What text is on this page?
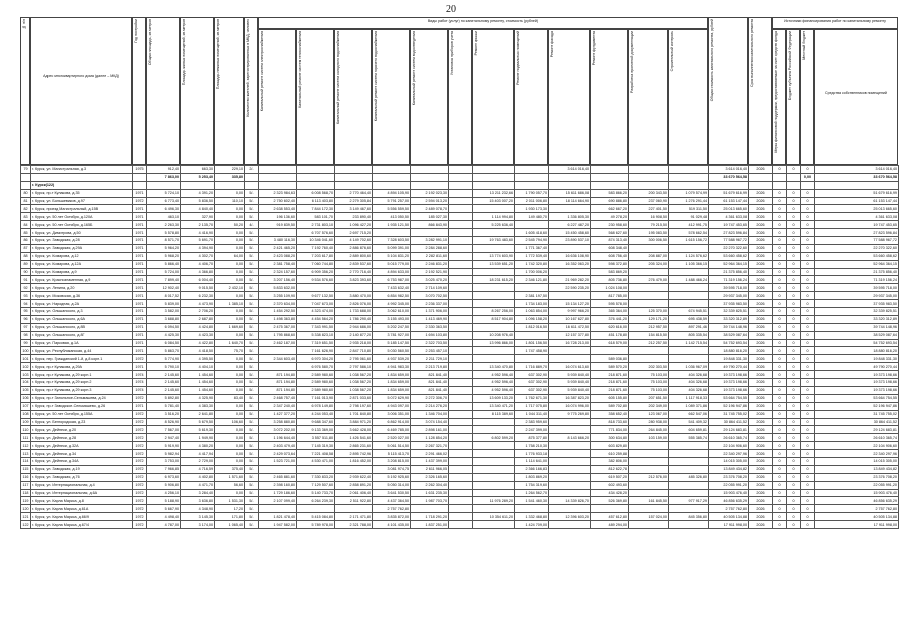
20
№ п/п
Адрес многоквартирного дома (далее – МКД)
Год постройки	Общая площадь, кв.метров	Площадь жилых помещений, кв.метров	Площадь нежилых помещений, кв.метров	Количество жителей, зарегистрированных в МКД, человек	Виды работ (услуг) по капитальному ремонту, стоимость (рублей)
Капитальный ремонт систем электроснабжения	Капитальный ремонт систем теплоснабжения	Капитальный ремонт систем холодного водоснабжения	Капитальный ремонт систем горячего водоснабжения	Капитальный ремонт систем водоотведения	Установка приборов учета	Ремонт крыши	Ремонт подвальных помещений	Ремонт фасада	Ремонт фундамента	Разработка проектной документации	Строительный контроль	Общая стоимость капитального ремонта, рублей	Срок выполнения капитального ремонта	Источники финансирования работ по капитальному ремонту
Меры финансовой поддержки, предоставляемые за счет средств фонда	Бюджет субъекта Российской Федерации	Местный бюджет
Средства собственников помещений
79	г. Курск, ул. Магистральная, д.3	1975	912,40	663,30	229,10	2/-									3 614 016,40				3 614 016,40	2026	0	0	0	3 614 016,40
			7 863,00	5 253,40	335,80														33 670 564,58				0,00	33 670 564,58
	г. Курск(122)																							
80	г. Курск, пр-т Кулакова, д.35	1971	5 724,10	4 391,20	0,00	5/-	2 323 984,63	6 008 568,70	2 770 464,40	4 894 105,90	2 192 023,30		13 211 232,66	1 790 057,70	15 611 686,08	583 866,20	200 343,50	1 079 574,99	51 679 616,99	2026	0	0	0	51 679 616,99
81	г. Курск, ул. Большевиков, д.97	1972	6 773,40	5 836,50	110,10	5/-	2 750 602,40	6 113 403,80	2 279 305,84	5 791 257,00	2 594 013,20		15 403 007,20	2 011 006,80	18 114 664,90	690 886,80	237 060,90	1 276 291,44	61 153 147,44	2026	0	0	0	61 153 147,44
82	г. Курск, проезд Магистральный, д.15В	1971	6 496,30	4 840,40	0,00	5/-	2 638 553,40	7 844 172,30	3 149 467,60	5 556 559,50	2 489 078,70			1 930 173,30		662 667,20	227 401,50	519 311,50	25 013 665,60	2026	0	0	0	25 013 665,60
83	г. Курск, ул. 50 лет Октября, д.120А	1971	463,10	327,90	0,00	5/-	196 136,60	583 101,70	233 890,40	413 050,50	185 027,30		1 114 994,80	149 480,70	1 336 805,30	49 278,20	16 908,50	91 029,48	4 361 633,08	2026	0	0	0	4 361 633,08
84	г. Курск, ул. 50 лет Октября, д.165Б	1971	2 263,30	2 135,70	50,20	4/-	919 839,50	2 731 803,10	1 096 427,20	1 935 121,50	866 843,90		5 225 636,40		6 227 487,20	230 958,60	79 215,50	412 991,75	19 747 453,65	2026	0	0	0	19 747 453,65
85	г. Курск, ул. Димитрова, д.50	1971	5 578,80	4 416,90	0,00	5/-		6 707 576,60	2 697 715,20					1 605 418,60	15 450 458,60	568 627,60	195 083,50	578 662,54	27 823 596,84	2026	0	0	0	27 823 596,84
86	г. Курск, ул. Заводская, д.28	1971	8 571,70	5 691,70	0,00	5/-	3 480 116,30	10 346 041,60	4 149 702,60	7 328 603,50	3 282 991,10		19 763 483,60	2 545 794,90	23 890 537,10	874 313,40	300 006,50	1 615 156,72	77 588 967,72	2026	0	0	0	77 588 967,72
87	г. Курск, ул. Заводская, д.29А	1971	5 964,20	4 394,90	0,00	5/-	2 421 465,20	7 192 760,40	2 886 876,60	5 099 391,00	2 284 288,60			1 771 367,40		608 348,40			22 270 322,60	2026	0	0	0	22 270 322,60
88	г. Курск, ул. Комарова, д.12	1971	5 968,20	4 302,70	64,00	5/-	2 423 088,20	7 203 617,80	2 889 800,60	5 104 831,20	2 282 811,60		13 774 603,90	1 772 539,40	16 636 108,90	608 756,40	208 887,00	1 124 576,62	53 660 458,62	2026	0	0	0	53 660 458,62
89	г. Курск, ул. Комарова, д.12А	1971	5 866,40	4 406,70	0,00	5/-	2 381 758,40	7 060 744,80	2 839 537,60	5 015 779,00	2 246 831,20		13 539 651,20	1 742 320,80	16 352 063,20	598 372,80	205 324,00	1 105 366,15	52 964 364,15	2026	0	0	0	52 964 364,15
90	г. Курск, ул. Комарова, д.9	1971	5 724,00	4 366,80	0,00	5/-	2 324 157,60	6 909 356,20	2 770 716,40	4 894 633,00	2 192 521,90			1 700 006,20		583 869,20			21 375 856,40	2026	0	0	0	21 375 856,40
91	г. Курск, ул. Краснознаменная, д.9	1971	7 899,40	6 004,40	0,00	5/-	3 207 156,40	9 534 576,60	3 823 393,60	6 753 987,00	3 025 470,20		18 231 615,20	2 346 121,80	21 969 282,20	805 736,80	276 479,00	1 488 466,24	71 319 156,24	2026	0	0	0	71 319 156,24
92	г. Курск, ул. Ленина, д.20	1971	12 902,40	9 015,50	2 432,10	5/-	5 833 632,00			7 433 632,40	2 714 109,60				22 590 235,20	1 024 108,00			39 595 718,00	2026	0	0	0	39 595 718,00
93	г. Курск, ул. Моковская, д.36	1971	8 017,52	6 232,30	0,00	5/-	3 255 109,90	9 677 132,50	3 880 470,00	6 854 982,50	3 070 702,50			2 381 197,50		817 785,00			29 937 345,00	2026	0	0	0	29 937 345,00
94	г. Курск, ул. Народная, д.2А	1971	5 839,00	4 473,90	1 385,10	5/-	2 370 634,00	7 047 673,00	2 826 076,00	4 992 345,00	2 236 337,00			1 734 183,00	15 134 127,20	595 578,00			37 935 983,50	2026	0	0	0	37 935 983,50
95	г. Курск, ул. Ольшанского, д.3	1971	3 582,00	2 706,20	0,00	5/-	1 454 292,50	4 323 474,00	1 733 688,00	3 062 610,00	1 371 906,00		8 267 256,00	1 063 854,00	9 997 966,20	365 364,00	125 370,00	674 945,51	32 339 825,51	2026	0	0	0	32 339 825,51
96	г. Курск, ул. Ольшанского, д.6А	1971	3 688,80	2 687,80	0,00	5/-	1 498 363,80	4 454 564,20	1 786 290,40	3 155 493,00	1 413 469,90		8 517 904,80	1 096 158,20	10 167 627,80	376 441,20	129 171,20	695 438,59	33 320 312,89	2026	0	0	0	33 320 312,89
97	г. Курск, ул. Ольшанского, д.8В	1971	6 094,50	4 424,80	1 669,60	5/-	2 475 367,00	7 343 991,50	2 944 686,00	5 202 247,50	2 330 363,50			1 812 016,50	16 611 472,50	620 616,00	212 957,50	897 291,46	39 744 148,96	2026	0	0	0	39 744 148,96
98	г. Курск, ул. Ольшанского, д.8Г	1971	4 425,30	4 423,30	0,00	5/-	1 795 868,60	5 338 823,10	2 140 877,20	3 781 927,00	1 694 103,80		10 208 976,40		12 157 377,80	451 178,80	154 815,50	805 335,54	38 529 087,64	2026	0	0	0	38 529 087,64
99	г. Курск, ул. Парковая, д.1А	1971	6 084,50	4 422,80	1 640,70	5/-	2 462 187,00	7 319 651,50	2 935 218,00	5 185 147,50	2 322 703,50		13 996 866,00	1 801 156,50	16 728 213,00	618 579,00	212 257,50	1 142 715,54	54 752 693,54	2026	0	0	0	54 752 693,54
100	г. Курск, ул. Республиканская, д.44	1971	5 863,70	4 418,50	75,70	5/-		7 161 626,90	2 847 710,80	5 030 560,50	2 253 457,10			1 747 458,90					18 880 816,20	2026	0	0	0	18 880 816,20
101	г. Курск, пер. Гражданский 1-й, д.8 корп.1	1972	5 774,90	4 395,50	0,00	5/-	2 344 603,40	6 970 304,20	2 795 061,60	4 937 539,20	2 211 729,10					589 036,80			19 848 331,30	2026	0	0	0	19 848 331,30
102	г. Курск, пр-т Кулакова, д.29А	1971	5 790,10	4 404,10	0,00	5/-		6 976 580,70	2 797 586,10	4 941 983,30	2 213 719,80		13 340 470,80	1 716 889,70	16 074 613,60	589 570,20	202 303,50	1 036 967,09	49 790 270,44	2026	0	0	0	49 790 270,44
103	г. Курск, пр-т Кулакова, д.29 корп.1	1974	2 145,60	1 454,60	0,00	5/-	871 194,80	2 589 980,60	1 038 567,20	1 834 659,00	821 841,40		4 952 596,40	637 302,90	5 939 840,40	218 871,60	75 103,00	404 326,68	19 373 198,66	2026	0	0	0	19 373 198,66
104	г. Курск, пр-т Кулакова, д.29 корп.2	1974	2 145,60	1 454,60	0,00	5/-	871 194,80	2 589 980,60	1 038 567,20	1 834 659,00	821 841,40		4 952 596,40	637 302,90	5 939 840,40	218 871,60	75 103,00	404 326,68	19 373 198,66	2026	0	0	0	19 373 198,66
105	г. Курск, пр-т Кулакова, д.29 корп.3	1974	2 145,60	1 454,60	0,00	5/-	871 194,80	2 589 980,60	1 038 567,20	1 834 659,00	821 841,40		4 952 596,40	637 302,90	5 939 840,40	218 871,60	75 103,00	404 326,68	19 373 198,66	2026	0	0	0	19 373 198,66
106	г. Курск, пр-т Запольное-Сельмашева, д.24	1972	5 892,80	4 325,90	83,40	5/-	2 468 757,40	7 161 013,90	2 871 033,60	5 072 629,90	2 272 306,70		13 609 133,20	1 762 671,30	16 387 823,20	605 155,80	207 651,50	1 117 918,33	53 664 754,55	2026	0	0	0	53 664 754,55
107	г. Курск, пр-т Заводское-Сельмашево, д.26	1971	5 781,40	4 383,30	0,00	5/-	2 347 240,40	6 978 149,80	2 798 197,60	4 943 097,00	2 214 276,20		13 340 471,20	1 717 075,80	16 074 996,00	589 702,80	202 349,00	1 089 371,86	52 196 947,86	2026	0	0	0	52 196 947,86
108	г. Курск, ул. 50 лет Октября, д.155А	1972	3 516,20	2 641,80	0,00	5/-	1 427 377,20	4 244 053,40	1 701 840,80	3 006 351,00	1 346 704,00		8 115 389,60	1 044 311,40	9 775 269,80	358 652,40	123 067,00	662 547,06	31 745 755,02	2026	0	0	0	31 745 755,02
109	г. Курск, ул. Белгородская, д.23	1972	8 526,90	5 679,50	106,60	5/-	3 258 880,80	9 688 347,60	3 884 971,20	6 862 914,00	3 074 154,40			2 383 959,60		818 733,60	280 938,00	541 409,32	30 864 411,52	2026	0	0	0	30 864 411,52
110	г. Курск, ул. Дейнеки, д.20	1972	7 567,00	5 619,30	0,00	5/-	3 072 202,00	9 133 369,00	3 662 428,00	6 469 785,00	2 898 161,00			2 247 399,00		771 834,00	264 845,00	604 659,81	29 124 683,81	2026	0	0	0	29 124 683,81
111	г. Курск, ул. Дейнеки, д.28	1972	2 947,40	1 949,90	0,00	5/-	1 196 644,40	3 557 511,80	1 426 541,60	2 520 027,00	1 128 854,20		6 802 599,20	875 377,80	8 143 666,20	300 634,80	103 159,00	555 385,74	26 610 365,74	2026	0	0	0	26 610 365,74
112	г. Курск, ул. Дейнеки, д.32А	1972	5 919,90	4 380,20	0,00	5/-	2 403 479,40	7 145 319,30	2 865 231,60	5 061 514,50	2 267 321,70			1 758 210,30		603 829,80			22 104 906,60	2026	0	0	0	22 104 906,60
113	г. Курск, ул. Дейнеки, д.34	1972	5 982,94	4 417,94	0,00	5/-	2 429 073,64	7 221 408,58	2 895 742,96	5 115 413,70	2 291 466,02			1 776 933,18		610 259,88			22 340 297,96	2026	0	0	0	22 340 297,96
114	г. Курск, ул. Дейнеки, д.34А	1972	3 753,00	2 729,00	0,00	5/-	1 523 721,00	4 530 471,00	1 816 452,00	3 208 815,00	1 437 399,00			1 114 641,00		382 806,00			14 015 305,00	2026	0	0	0	14 015 305,00
115	г. Курск, ул. Заводская, д.19	1972	7 966,85	4 716,59	375,40	5/-				3 081 974,75	2 611 966,05			2 366 166,83		812 622,78			13 849 434,82	2026	0	0	0	13 849 434,82
116	г. Курск, ул. Заводская, д.76	1972	6 973,60	4 402,80	1 571,60	5/-	2 465 881,60	7 330 833,20	2 939 622,40	5 192 925,60	2 326 165,60			1 803 869,20		619 507,20	212 576,00	485 326,80	23 376 708,20	2026	0	0	0	23 376 708,20
117	г. Курск, ул. Интернациональная, д.4	1972	5 906,80	4 471,70	56,60	5/-	2 398 160,80	7 129 507,60	2 858 891,20	5 050 314,00	2 262 304,40			1 754 319,60		602 493,60			22 055 991,20	2026	0	0	0	22 055 991,20
118	г. Курск, ул. Интернациональная, д.6А	1972	4 256,10	3 284,40	0,00	5/-	1 729 186,60	5 140 733,70	2 061 406,40	3 641 530,50	1 631 235,30			1 264 562,70		434 428,20			15 903 476,40	2026	0	0	0	15 903 476,40
119	г. Курск, ул. Карла Маркса, д.8	1972	5 188,90	3 636,80	1 531,30	5/-	2 107 099,40	6 264 239,30	2 511 922,80	4 437 364,50	1 987 703,70		11 976 289,20	1 541 460,30	14 339 826,70	526 369,80	161 845,50	977 917,29	46 856 635,29	2026	0	0	0	46 856 635,29
120	г. Курск, ул. Карла Маркса, д.61А	1972	5 667,90	4 348,90	17,20	5/-				2 757 762,80									2 757 762,80	2026	0	0	0	2 757 762,80
121	г. Курск, ул. Карла Маркса, д.66/9	1972	4 498,40	3 145,30	171,80	5/-	1 821 478,40	5 415 084,80	2 171 471,80	3 835 872,00	1 718 291,20		10 354 611,20	1 332 468,80	12 396 603,20	457 612,80	157 024,00	845 356,80	40 505 134,88	2026	0	0	0	40 505 134,88
122	г. Курск, ул. Карла Маркса, д.67/4	1972	4 787,00	3 174,00	1 065,40	5/-	1 947 582,00	5 789 978,00	2 321 788,00	4 101 435,00	1 837 251,00			1 424 709,00		489 294,00			17 911 998,00	2026	0	0	0	17 911 998,00
